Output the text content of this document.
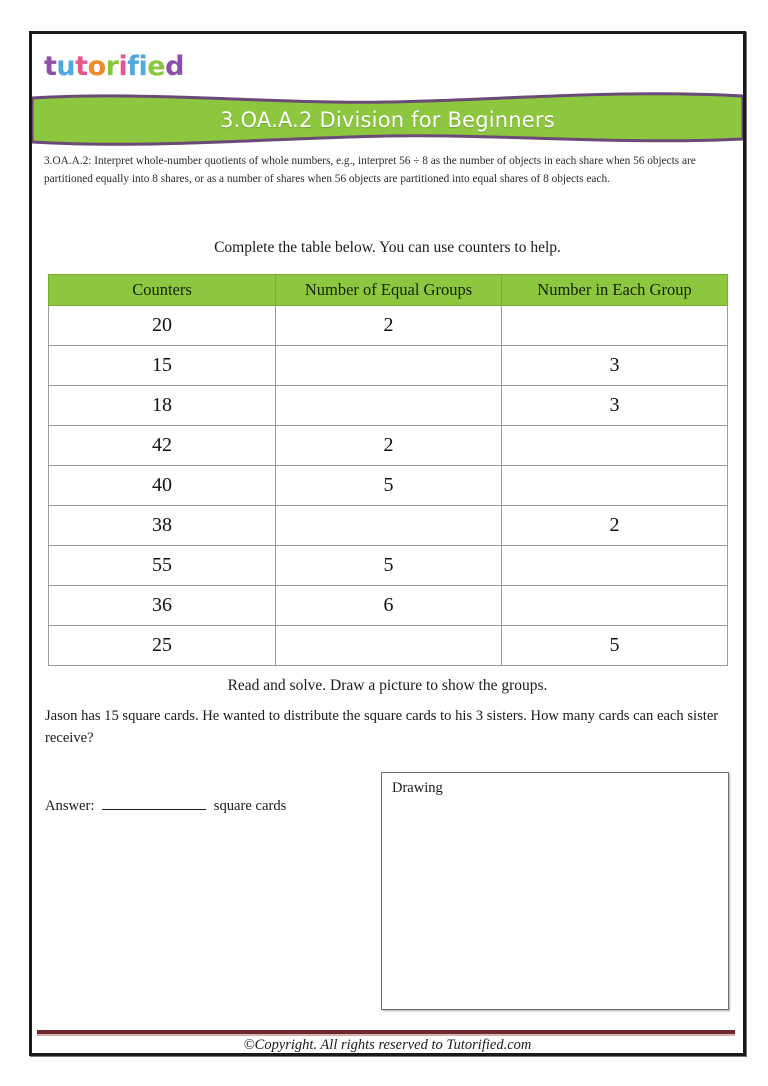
tutorified
3.OA.A.2 Division for Beginners
3.OA.A.2: Interpret whole-number quotients of whole numbers, e.g., interpret 56 ÷ 8 as the number of objects in each share when 56 objects are partitioned equally into 8 shares, or as a number of shares when 56 objects are partitioned into equal shares of 8 objects each.
Complete the table below. You can use counters to help.
Counters	Number of Equal Groups	Number in Each Group
20	2	
15		3
18		3
42	2	
40	5	
38		2
55	5	
36	6	
25		5
Read and solve. Draw a picture to show the groups.
Jason has 15 square cards. He wanted to distribute the square cards to his 3 sisters. How many cards can each sister receive?
Answer:	square cards
Drawing
©Copyright. All rights reserved to Tutorified.com
